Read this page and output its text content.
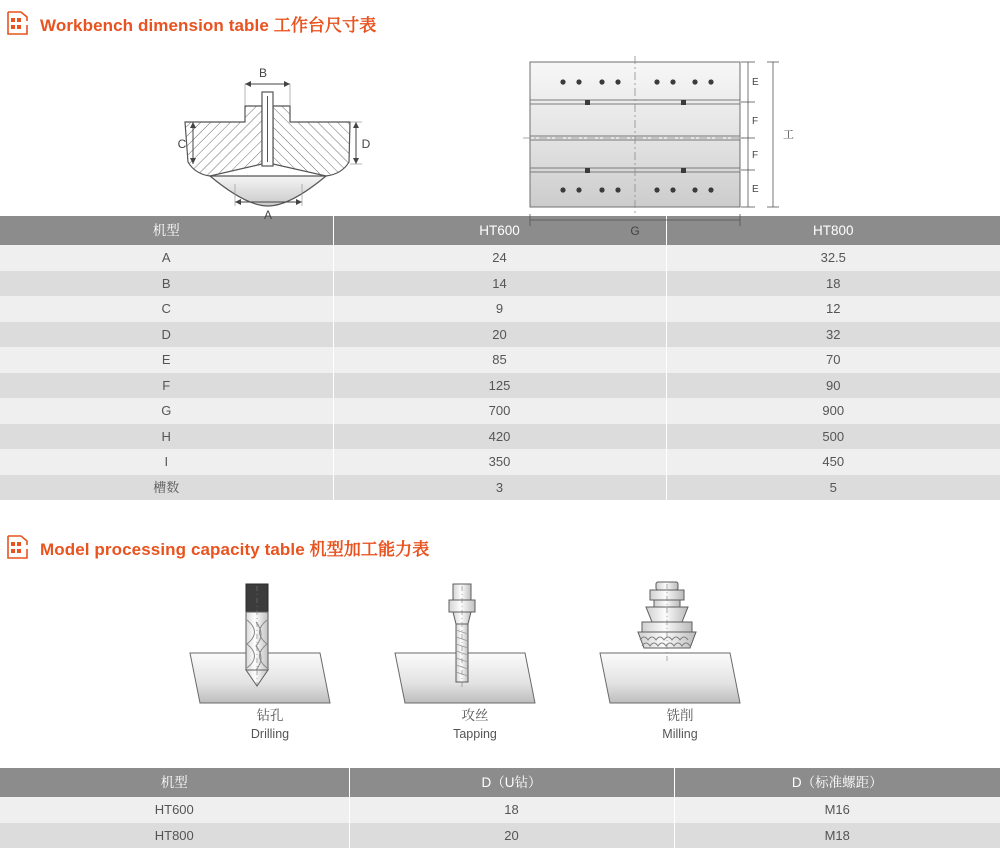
Workbench dimension table 工作台尺寸表
B
C	D
A
E
F
F
E
工
G
机型	HT600	HT800
A	24	32.5
B	14	18
C	9	12
D	20	32
E	85	70
F	125	90
G	700	900
H	420	500
I	350	450
槽数	3	5
Model processing capacity table 机型加工能力表
钻孔
Drilling
攻丝
Tapping
铣削
Milling
机型	D（U钻）	D（标准螺距）
HT600	18	M16
HT800	20	M18
